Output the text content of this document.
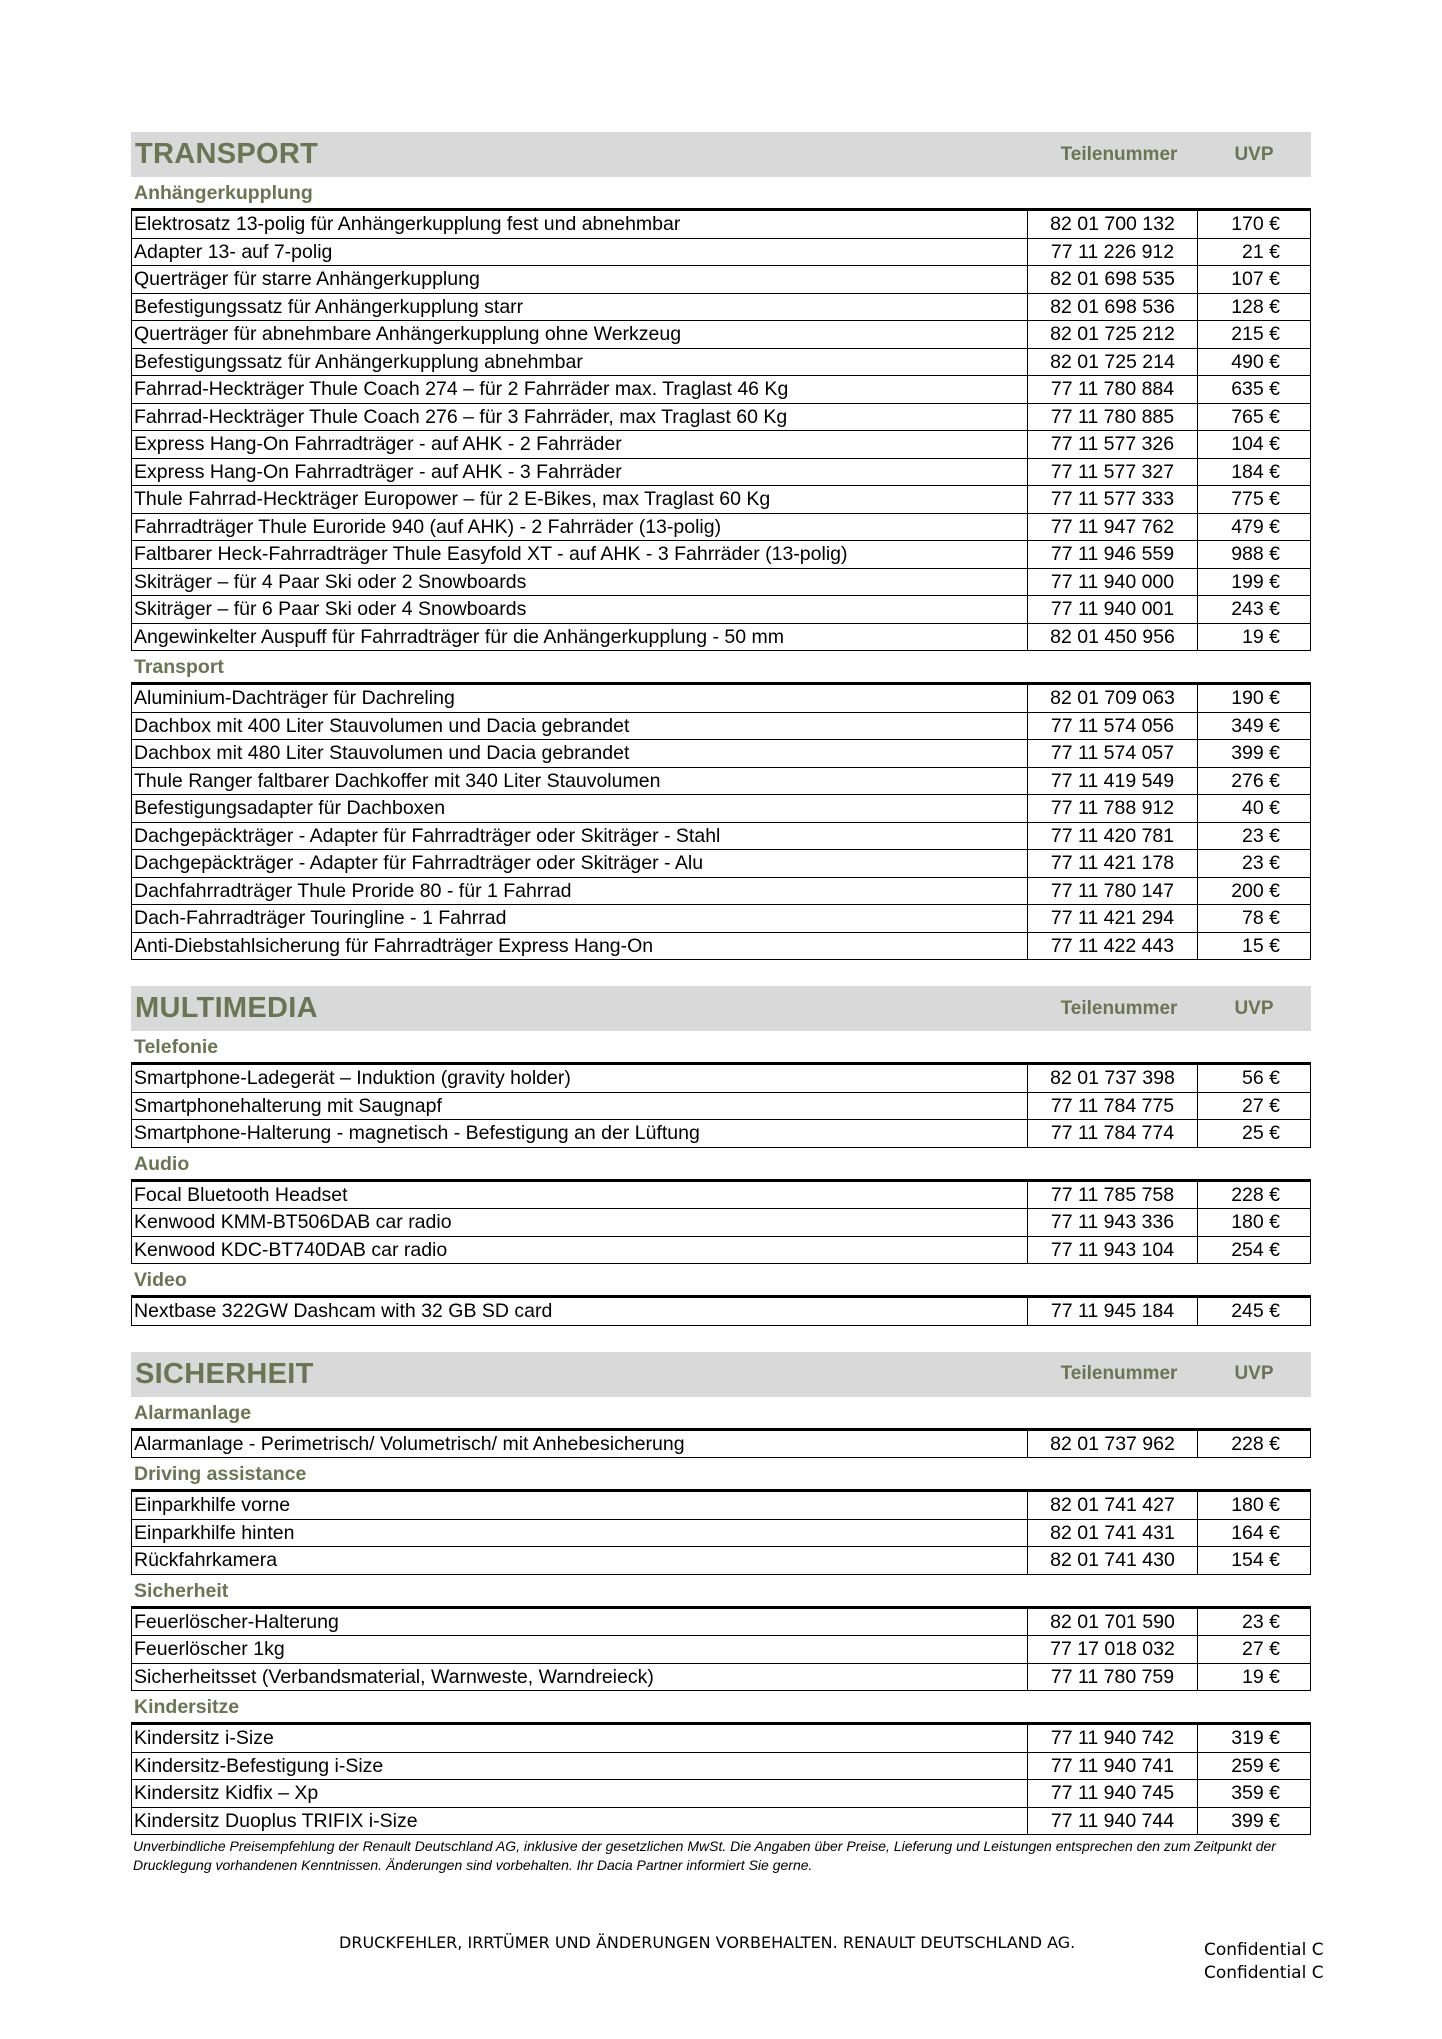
TRANSPORT	Teilenummer	UVP
Anhängerkupplung
Elektrosatz 13-polig für Anhängerkupplung fest und abnehmbar	82 01 700 132	170 €
Adapter 13- auf 7-polig	77 11 226 912	21 €
Querträger für starre Anhängerkupplung	82 01 698 535	107 €
Befestigungssatz für Anhängerkupplung starr	82 01 698 536	128 €
Querträger für abnehmbare Anhängerkupplung ohne Werkzeug	82 01 725 212	215 €
Befestigungssatz für Anhängerkupplung abnehmbar	82 01 725 214	490 €
Fahrrad-Heckträger Thule Coach 274 – für 2 Fahrräder max. Traglast 46 Kg	77 11 780 884	635 €
Fahrrad-Heckträger Thule Coach 276 – für 3 Fahrräder, max Traglast 60 Kg	77 11 780 885	765 €
Express Hang-On Fahrradträger - auf AHK - 2 Fahrräder	77 11 577 326	104 €
Express Hang-On Fahrradträger - auf AHK - 3 Fahrräder	77 11 577 327	184 €
Thule Fahrrad-Heckträger Europower – für 2 E-Bikes, max Traglast 60 Kg	77 11 577 333	775 €
Fahrradträger Thule Euroride 940 (auf AHK) - 2 Fahrräder (13-polig)	77 11 947 762	479 €
Faltbarer Heck-Fahrradträger Thule Easyfold XT - auf AHK - 3 Fahrräder (13-polig)	77 11 946 559	988 €
Skiträger – für 4 Paar Ski oder 2 Snowboards	77 11 940 000	199 €
Skiträger – für 6 Paar Ski oder 4 Snowboards	77 11 940 001	243 €
Angewinkelter Auspuff für Fahrradträger für die Anhängerkupplung - 50 mm	82 01 450 956	19 €
Transport
Aluminium-Dachträger für Dachreling	82 01 709 063	190 €
Dachbox mit 400 Liter Stauvolumen und Dacia gebrandet	77 11 574 056	349 €
Dachbox mit 480 Liter Stauvolumen und Dacia gebrandet	77 11 574 057	399 €
Thule Ranger faltbarer Dachkoffer mit 340 Liter Stauvolumen	77 11 419 549	276 €
Befestigungsadapter für Dachboxen	77 11 788 912	40 €
Dachgepäckträger - Adapter für Fahrradträger oder Skiträger - Stahl	77 11 420 781	23 €
Dachgepäckträger - Adapter für Fahrradträger oder Skiträger - Alu	77 11 421 178	23 €
Dachfahrradträger Thule Proride 80 - für 1 Fahrrad	77 11 780 147	200 €
Dach-Fahrradträger Touringline - 1 Fahrrad	77 11 421 294	78 €
Anti-Diebstahlsicherung für Fahrradträger Express Hang-On	77 11 422 443	15 €
MULTIMEDIA	Teilenummer	UVP
Telefonie
Smartphone-Ladegerät – Induktion (gravity holder)	82 01 737 398	56 €
Smartphonehalterung mit Saugnapf	77 11 784 775	27 €
Smartphone-Halterung - magnetisch - Befestigung an der Lüftung	77 11 784 774	25 €
Audio
Focal Bluetooth Headset	77 11 785 758	228 €
Kenwood KMM-BT506DAB car radio	77 11 943 336	180 €
Kenwood KDC-BT740DAB car radio	77 11 943 104	254 €
Video
Nextbase 322GW Dashcam with 32 GB SD card	77 11 945 184	245 €
SICHERHEIT	Teilenummer	UVP
Alarmanlage
Alarmanlage - Perimetrisch/ Volumetrisch/ mit Anhebesicherung	82 01 737 962	228 €
Driving assistance
Einparkhilfe vorne	82 01 741 427	180 €
Einparkhilfe hinten	82 01 741 431	164 €
Rückfahrkamera	82 01 741 430	154 €
Sicherheit
Feuerlöscher-Halterung	82 01 701 590	23 €
Feuerlöscher 1kg	77 17 018 032	27 €
Sicherheitsset (Verbandsmaterial, Warnweste, Warndreieck)	77 11 780 759	19 €
Kindersitze
Kindersitz i-Size	77 11 940 742	319 €
Kindersitz-Befestigung i-Size	77 11 940 741	259 €
Kindersitz Kidfix – Xp	77 11 940 745	359 €
Kindersitz Duoplus TRIFIX i-Size	77 11 940 744	399 €
Unverbindliche Preisempfehlung der Renault Deutschland AG, inklusive der gesetzlichen MwSt. Die Angaben über Preise, Lieferung und Leistungen entsprechen den zum Zeitpunkt der Drucklegung vorhandenen Kenntnissen. Änderungen sind vorbehalten. Ihr Dacia Partner informiert Sie gerne.
DRUCKFEHLER, IRRTÜMER UND ÄNDERUNGEN VORBEHALTEN. RENAULT DEUTSCHLAND AG.	Confidential C
Confidential C
